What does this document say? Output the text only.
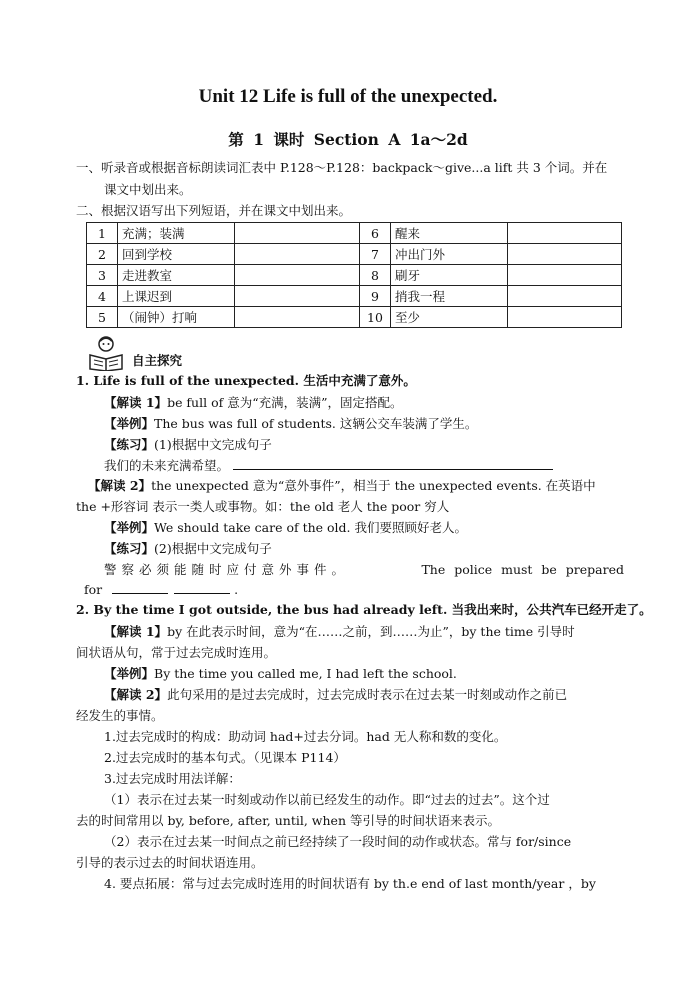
Unit 12 Life is full of the unexpected.
第 1 课时 Section A 1a～2d
一、听录音或根据音标朗读词汇表中 P.128～P.128：backpack～give...a lift 共 3 个词。并在
课文中划出来。
二、根据汉语写出下列短语，并在课文中划出来。
1	充满；装满		6	醒来	
2	回到学校		7	冲出门外	
3	走进教室		8	刷牙	
4	上课迟到		9	捎我一程	
5	（闹钟）打响		10	至少	
自主探究
1. Life is full of the unexpected. 生活中充满了意外。
【解读 1】be full of 意为“充满，装满”，固定搭配。
【举例】The bus was full of students. 这辆公交车装满了学生。
【练习】(1)根据中文完成句子
我们的未来充满希望。
【解读 2】the unexpected 意为“意外事件”，相当于 the unexpected events. 在英语中
the +形容词 表示一类人或事物。如：the old 老人 the poor 穷人
【举例】We should take care of the old. 我们要照顾好老人。
【练习】(2)根据中文完成句子
警察必须能随时应付意外事件。	The police must be prepared
for	.
2. By the time I got outside, the bus had already left. 当我出来时，公共汽车已经开走了。
【解读 1】by 在此表示时间，意为“在……之前，到……为止”，by the time 引导时
间状语从句，常于过去完成时连用。
【举例】By the time you called me, I had left the school.
【解读 2】此句采用的是过去完成时，过去完成时表示在过去某一时刻或动作之前已
经发生的事情。
1.过去完成时的构成：助动词 had+过去分词。had 无人称和数的变化。
2.过去完成时的基本句式。（见课本 P114）
3.过去完成时用法详解：
（1）表示在过去某一时刻或动作以前已经发生的动作。即“过去的过去”。这个过
去的时间常用以 by, before, after, until, when 等引导的时间状语来表示。
（2）表示在过去某一时间点之前已经持续了一段时间的动作或状态。常与 for/since
引导的表示过去的时间状语连用。
4. 要点拓展：常与过去完成时连用的时间状语有 by th.e end of last month/year ，by
